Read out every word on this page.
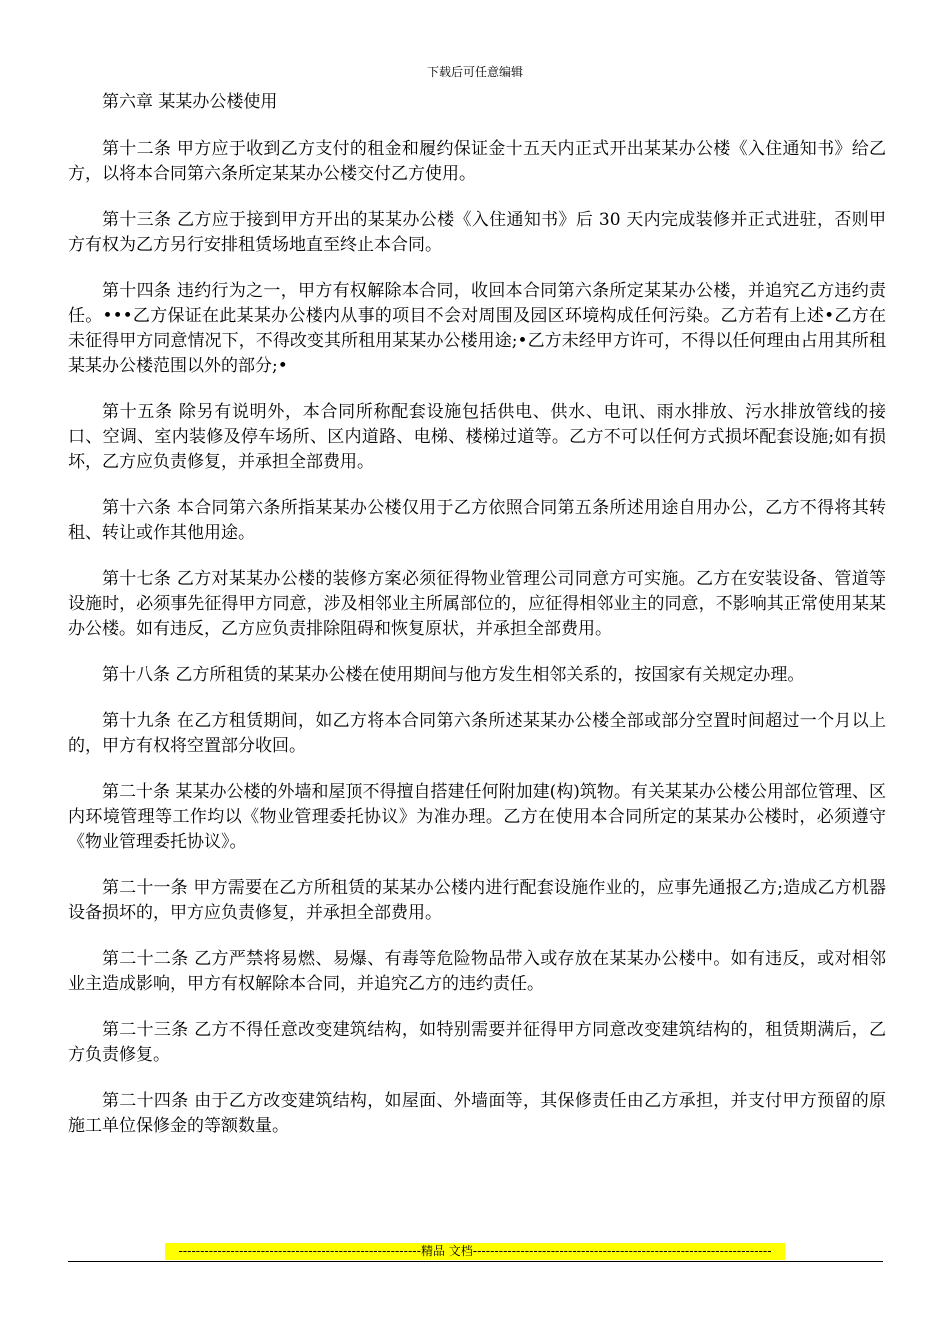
下载后可任意编辑

第六章 某某办公楼使用

第十二条 甲方应于收到乙方支付的租金和履约保证金十五天内正式开出某某办公楼《入住通知书》给乙方，以将本合同第六条所定某某办公楼交付乙方使用。

第十三条 乙方应于接到甲方开出的某某办公楼《入住通知书》后 30 天内完成装修并正式进驻，否则甲方有权为乙方另行安排租赁场地直至终止本合同。

第十四条 违约行为之一，甲方有权解除本合同，收回本合同第六条所定某某办公楼，并追究乙方违约责任。•••乙方保证在此某某办公楼内从事的项目不会对周围及园区环境构成任何污染。乙方若有上述•乙方在未征得甲方同意情况下，不得改变其所租用某某办公楼用途;•乙方未经甲方许可，不得以任何理由占用其所租某某办公楼范围以外的部分;•

第十五条 除另有说明外，本合同所称配套设施包括供电、供水、电讯、雨水排放、污水排放管线的接口、空调、室内装修及停车场所、区内道路、电梯、楼梯过道等。乙方不可以任何方式损坏配套设施;如有损坏，乙方应负责修复，并承担全部费用。

第十六条 本合同第六条所指某某办公楼仅用于乙方依照合同第五条所述用途自用办公，乙方不得将其转租、转让或作其他用途。

第十七条 乙方对某某办公楼的装修方案必须征得物业管理公司同意方可实施。乙方在安装设备、管道等设施时，必须事先征得甲方同意，涉及相邻业主所属部位的，应征得相邻业主的同意，不影响其正常使用某某办公楼。如有违反，乙方应负责排除阻碍和恢复原状，并承担全部费用。

第十八条 乙方所租赁的某某办公楼在使用期间与他方发生相邻关系的，按国家有关规定办理。

第十九条 在乙方租赁期间，如乙方将本合同第六条所述某某办公楼全部或部分空置时间超过一个月以上的，甲方有权将空置部分收回。

第二十条 某某办公楼的外墙和屋顶不得擅自搭建任何附加建(构)筑物。有关某某办公楼公用部位管理、区内环境管理等工作均以《物业管理委托协议》为准办理。乙方在使用本合同所定的某某办公楼时，必须遵守《物业管理委托协议》。

第二十一条 甲方需要在乙方所租赁的某某办公楼内进行配套设施作业的，应事先通报乙方;造成乙方机器设备损坏的，甲方应负责修复，并承担全部费用。

第二十二条 乙方严禁将易燃、易爆、有毒等危险物品带入或存放在某某办公楼中。如有违反，或对相邻业主造成影响，甲方有权解除本合同，并追究乙方的违约责任。

第二十三条 乙方不得任意改变建筑结构，如特别需要并征得甲方同意改变建筑结构的，租赁期满后，乙方负责修复。

第二十四条 由于乙方改变建筑结构，如屋面、外墙面等，其保修责任由乙方承担，并支付甲方预留的原施工单位保修金的等额数量。

--------------------------------------------------------精品 文档---------------------------------------------------------------------
